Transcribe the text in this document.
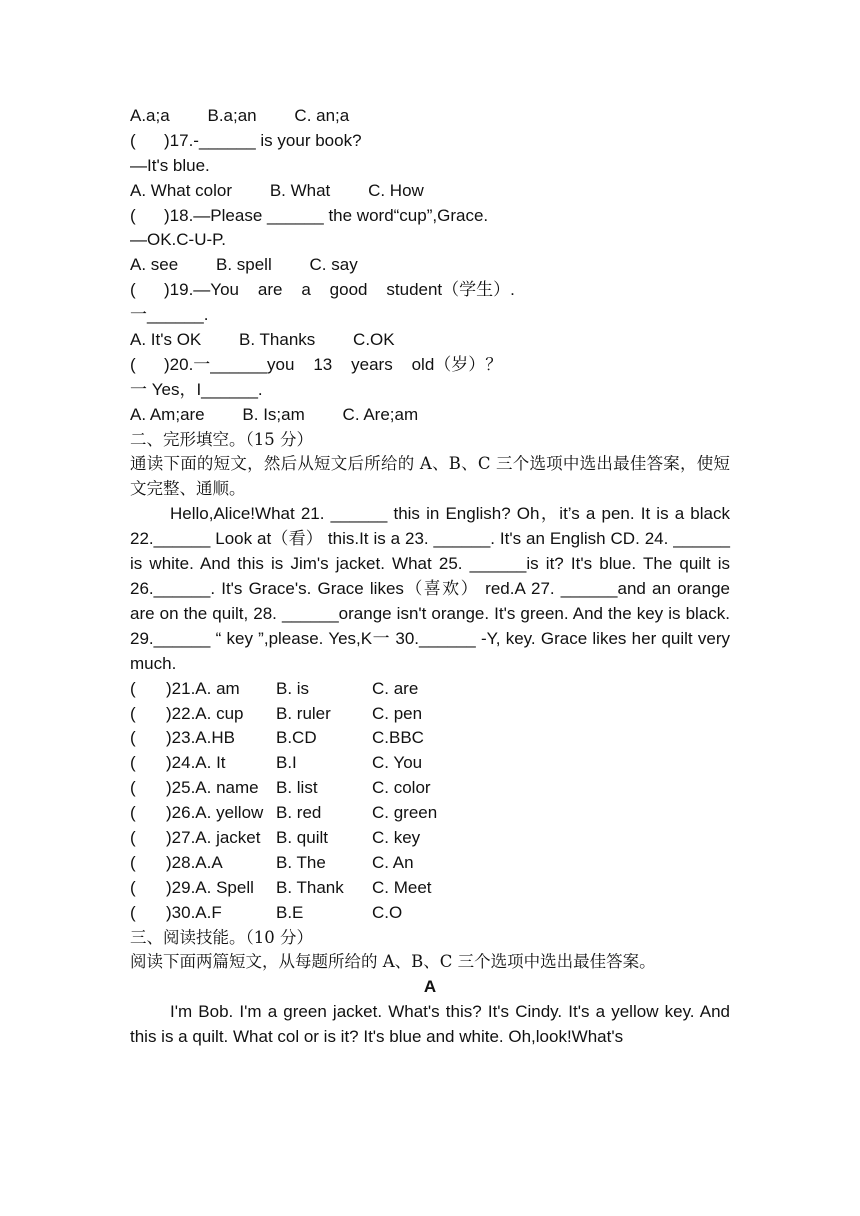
A.a;a        B.a;an        C. an;a
(      )17.-______ is your book?
—It's blue.
A. What color        B. What        C. How
(      )18.—Please ______ the word“cup”,Grace.
—OK.C-U-P.
A. see        B. spell        C. say
(      )19.—You    are    a    good    student（学生）.
一______.
A. It's OK        B. Thanks        C.OK
(      )20.一______you    13    years    old（岁）？
一 Yes，I______.
A. Am;are        B. Is;am        C. Are;am
二、完形填空。（15 分）
通读下面的短文，然后从短文后所给的 A、B、C 三个选项中选出最佳答案，使短文完整、通顺。
Hello,Alice!What 21. ______ this in English? Oh，it’s a pen. It is a black 22.______ Look at（看） this.It is a 23. ______. It's an English CD. 24. ______ is white. And this is Jim's jacket. What 25. ______is it? It's blue. The quilt is 26.______. It's Grace's. Grace likes（喜欢） red.A 27. ______and an orange are on the quilt, 28. ______orange isn't orange. It's green. And the key is black. 29.______ “ key ”,please. Yes,K一 30.______ -Y, key. Grace likes her quilt very much.
( )21.A. am B. is	C. are
( )22.A. cup B. ruler C. pen
( )23.A.HB B.CD	C.BBC
( )24.A. It	B.I	C. You
( )25.A. name B. list	C. color
( )26.A. yellow B. red	C. green
( )27.A. jacket B. quilt	C. key
( )28.A.A	B. The	C. An
( )29.A. Spell B. Thank C. Meet
( )30.A.F	B.E	C.O
三、阅读技能。（10 分）
阅读下面两篇短文，从每题所给的 A、B、C 三个选项中选出最佳答案。
A
I'm Bob. I'm a green jacket. What's this? It's Cindy. It's a yellow key. And this is a quilt. What col or is it? It's blue and white. Oh,look!What's
